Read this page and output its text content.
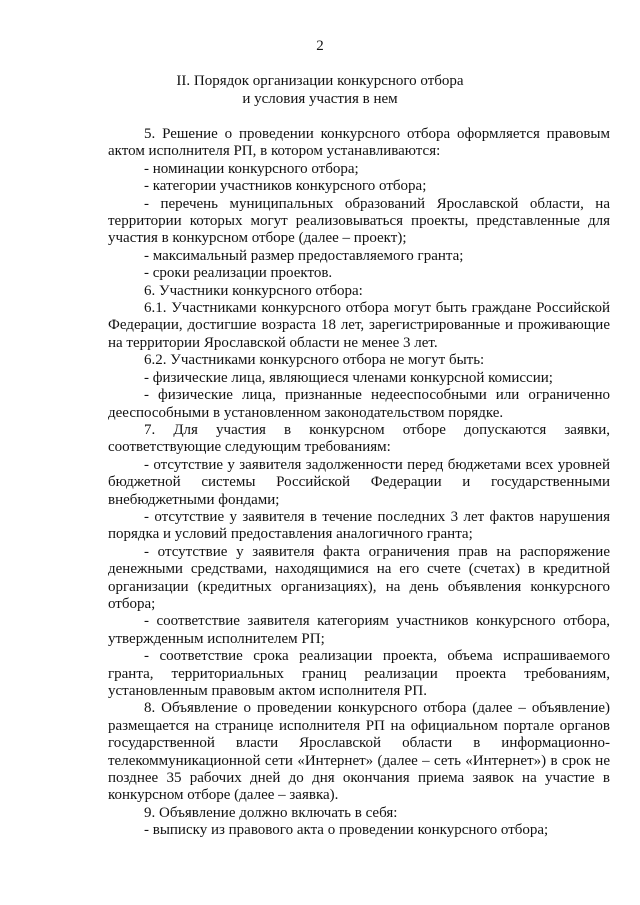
2
II. Порядок организации конкурсного отбора
и условия участия в нем

5. Решение о проведении конкурсного отбора оформляется правовым актом исполнителя РП, в котором устанавливаются:

- номинации конкурсного отбора;

- категории участников конкурсного отбора;

- перечень муниципальных образований Ярославской области, на территории которых могут реализовываться проекты, представленные для участия в конкурсном отборе (далее – проект);

- максимальный размер предоставляемого гранта;

- сроки реализации проектов.

6. Участники конкурсного отбора:

6.1. Участниками конкурсного отбора могут быть граждане Российской Федерации, достигшие возраста 18 лет, зарегистрированные и проживающие на территории Ярославской области не менее 3 лет.

6.2. Участниками конкурсного отбора не могут быть:

- физические лица, являющиеся членами конкурсной комиссии;

- физические лица, признанные недееспособными или ограниченно дееспособными в установленном законодательством порядке.

7. Для участия в конкурсном отборе допускаются заявки, соответствующие следующим требованиям:

- отсутствие у заявителя задолженности перед бюджетами всех уровней бюджетной системы Российской Федерации и государственными внебюджетными фондами;

- отсутствие у заявителя в течение последних 3 лет фактов нарушения порядка и условий предоставления аналогичного гранта;

- отсутствие у заявителя факта ограничения прав на распоряжение денежными средствами, находящимися на его счете (счетах) в кредитной организации (кредитных организациях), на день объявления конкурсного отбора;

- соответствие заявителя категориям участников конкурсного отбора, утвержденным исполнителем РП;

- соответствие срока реализации проекта, объема испрашиваемого гранта, территориальных границ реализации проекта требованиям, установленным правовым актом исполнителя РП.

8. Объявление о проведении конкурсного отбора (далее – объявление) размещается на странице исполнителя РП на официальном портале органов государственной власти Ярославской области в информационно-телекоммуникационной сети «Интернет» (далее – сеть «Интернет») в срок не позднее 35 рабочих дней до дня окончания приема заявок на участие в конкурсном отборе (далее – заявка).

9. Объявление должно включать в себя:

- выписку из правового акта о проведении конкурсного отбора;
